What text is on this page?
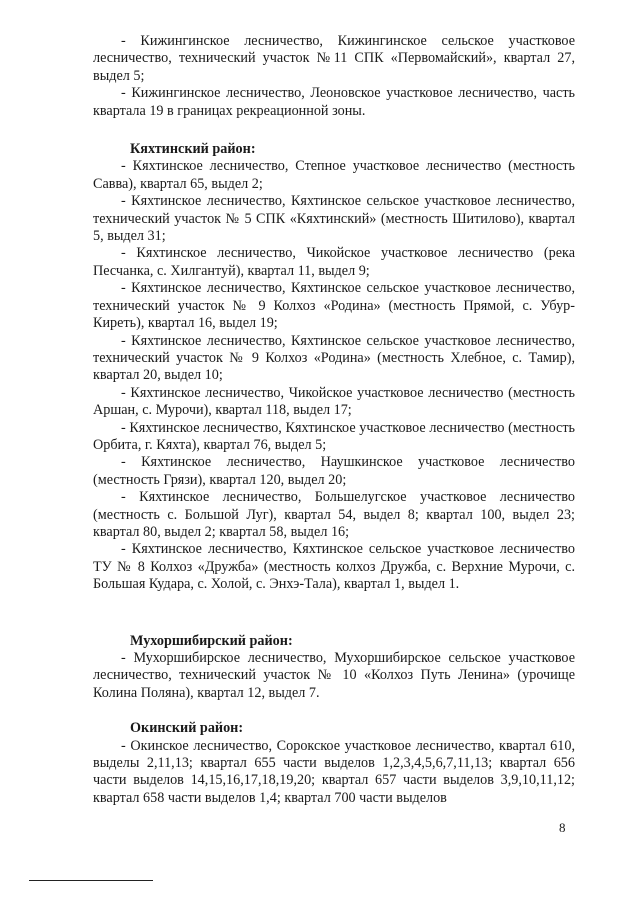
- Кижингинское лесничество, Кижингинское сельское участковое лесничество, технический участок №11 СПК «Первомайский», квартал 27, выдел 5;

- Кижингинское лесничество, Леоновское участковое лесничество, часть квартала 19 в границах рекреационной зоны.

Кяхтинский район:

- Кяхтинское лесничество, Степное участковое лесничество (местность Савва), квартал 65, выдел 2;

- Кяхтинское лесничество, Кяхтинское сельское участковое лесничество, технический участок № 5 СПК «Кяхтинский» (местность Шитилово), квартал 5, выдел 31;

- Кяхтинское лесничество, Чикойское участковое лесничество (река Песчанка, с. Хилгантуй), квартал 11, выдел 9;

- Кяхтинское лесничество, Кяхтинское сельское участковое лесничество, технический участок № 9 Колхоз «Родина» (местность Прямой, с. Убур-Киреть), квартал 16, выдел 19;

- Кяхтинское лесничество, Кяхтинское сельское участковое лесничество, технический участок № 9 Колхоз «Родина» (местность Хлебное, с. Тамир), квартал 20, выдел 10;

- Кяхтинское лесничество, Чикойское участковое лесничество (местность Аршан, с. Мурочи), квартал 118, выдел 17;

- Кяхтинское лесничество, Кяхтинское участковое лесничество (местность Орбита, г. Кяхта), квартал 76, выдел 5;

- Кяхтинское лесничество, Наушкинское участковое лесничество (местность Грязи), квартал 120, выдел 20;

- Кяхтинское лесничество, Большелугское участковое лесничество (местность с. Большой Луг), квартал 54, выдел 8; квартал 100, выдел 23; квартал 80, выдел 2; квартал 58, выдел 16;

- Кяхтинское лесничество, Кяхтинское сельское участковое лесничество ТУ № 8 Колхоз «Дружба» (местность колхоз Дружба, с. Верхние Мурочи, с. Большая Кудара, с. Холой, с. Энхэ-Тала), квартал 1, выдел 1.

Мухоршибирский район:

- Мухоршибирское лесничество, Мухоршибирское сельское участковое лесничество, технический участок № 10 «Колхоз Путь Ленина» (урочище Колина Поляна), квартал 12, выдел 7.

Окинский район:

- Окинское лесничество, Сорокское участковое лесничество, квартал 610, выделы 2,11,13; квартал 655 части выделов 1,2,3,4,5,6,7,11,13; квартал 656 части выделов 14,15,16,17,18,19,20; квартал 657 части выделов 3,9,10,11,12; квартал 658 части выделов 1,4; квартал 700 части выделов

8
